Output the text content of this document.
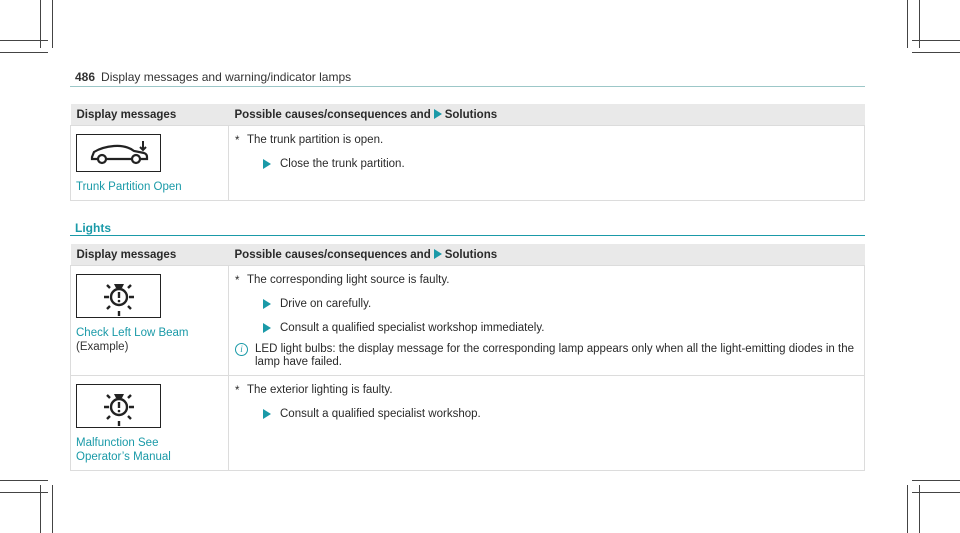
486 Display messages and warning/indicator lamps
Display messages	Possible causes/consequences and Solutions

Trunk Partition Open	* The trunk partition is open.
Close the trunk partition.
Lights
Display messages	Possible causes/consequences and Solutions

Check Left Low Beam (Example)	* The corresponding light source is faulty.
Drive on carefully.
Consult a qualified specialist workshop immediately.
i LED light bulbs: the display message for the corresponding lamp appears only when all the light-emitting diodes in the lamp have failed.

Malfunction See Operator’s Manual	* The exterior lighting is faulty.
Consult a qualified specialist workshop.
